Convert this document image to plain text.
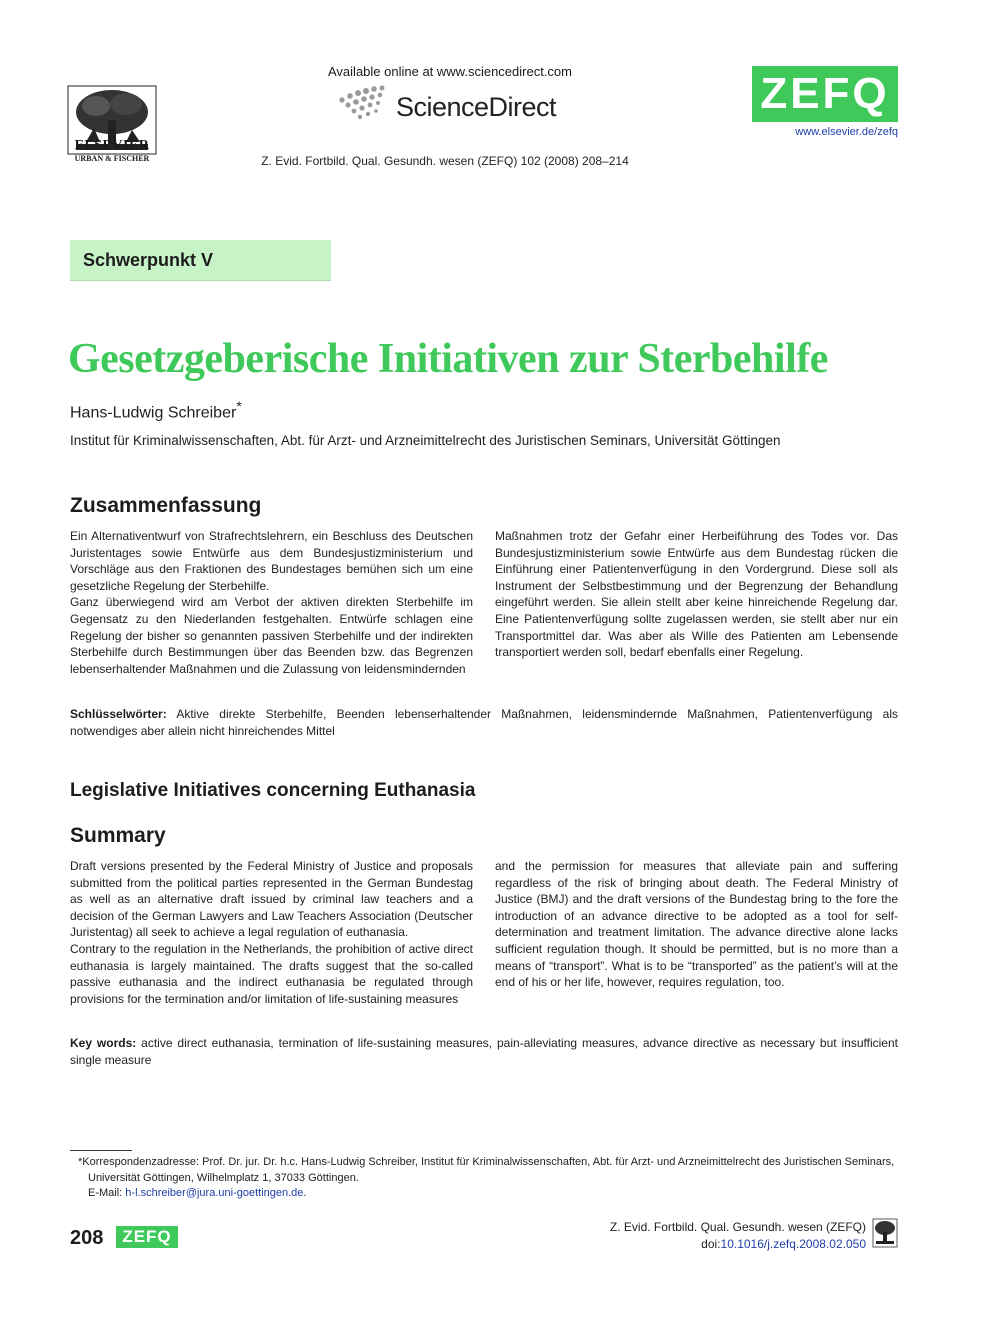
ELSEVIER
URBAN & FISCHER
Available online at www.sciencedirect.com
ScienceDirect
Z. Evid. Fortbild. Qual. Gesundh. wesen (ZEFQ) 102 (2008) 208–214
ZEFQ
www.elsevier.de/zefq
Schwerpunkt V
Gesetzgeberische Initiativen zur Sterbehilfe
Hans-Ludwig Schreiber*
Institut für Kriminalwissenschaften, Abt. für Arzt- und Arzneimittelrecht des Juristischen Seminars, Universität Göttingen
Zusammenfassung

Ein Alternativentwurf von Strafrechtslehrern, ein Beschluss des Deutschen Juristentages sowie Entwürfe aus dem Bundesjustizministerium und Vorschläge aus den Fraktionen des Bundestages bemühen sich um eine gesetzliche Regelung der Sterbehilfe.

Ganz überwiegend wird am Verbot der aktiven direkten Sterbehilfe im Gegensatz zu den Niederlanden festgehalten. Entwürfe schlagen eine Regelung der bisher so genannten passiven Sterbehilfe und der indirekten Sterbehilfe durch Bestimmungen über das Beenden bzw. das Begrenzen lebenserhaltender Maßnahmen und die Zulassung von leidensmindernden

Maßnahmen trotz der Gefahr einer Herbeiführung des Todes vor. Das Bundesjustizministerium sowie Entwürfe aus dem Bundestag rücken die Einführung einer Patientenverfügung in den Vordergrund. Diese soll als Instrument der Selbstbestimmung und der Begrenzung der Behandlung eingeführt werden. Sie allein stellt aber keine hinreichende Regelung dar. Eine Patientenverfügung sollte zugelassen werden, sie stellt aber nur ein Transportmittel dar. Was aber als Wille des Patienten am Lebensende transportiert werden soll, bedarf ebenfalls einer Regelung.

Schlüsselwörter: Aktive direkte Sterbehilfe, Beenden lebenserhaltender Maßnahmen, leidensmindernde Maßnahmen, Patientenverfügung als notwendiges aber allein nicht hinreichendes Mittel
Legislative Initiatives concerning Euthanasia
Summary

Draft versions presented by the Federal Ministry of Justice and proposals submitted from the political parties represented in the German Bundestag as well as an alternative draft issued by criminal law teachers and a decision of the German Lawyers and Law Teachers Association (Deutscher Juristentag) all seek to achieve a legal regulation of euthanasia.

Contrary to the regulation in the Netherlands, the prohibition of active direct euthanasia is largely maintained. The drafts suggest that the so-called passive euthanasia and the indirect euthanasia be regulated through provisions for the termination and/or limitation of life-sustaining measures

and the permission for measures that alleviate pain and suffering regardless of the risk of bringing about death. The Federal Ministry of Justice (BMJ) and the draft versions of the Bundestag bring to the fore the introduction of an advance directive to be adopted as a tool for self-determination and treatment limitation. The advance directive alone lacks sufficient regulation though. It should be permitted, but is no more than a means of “transport”. What is to be “transported” as the patient’s will at the end of his or her life, however, requires regulation, too.

Key words: active direct euthanasia, termination of life-sustaining measures, pain-alleviating measures, advance directive as necessary but insufficient single measure
*Korrespondenzadresse: Prof. Dr. jur. Dr. h.c. Hans-Ludwig Schreiber, Institut für Kriminalwissenschaften, Abt. für Arzt- und Arzneimittelrecht des Juristischen Seminars,
Universität Göttingen, Wilhelmplatz 1, 37033 Göttingen.
E-Mail: h-l.schreiber@jura.uni-goettingen.de.
208	ZEFQ	Z. Evid. Fortbild. Qual. Gesundh. wesen (ZEFQ)
doi:10.1016/j.zefq.2008.02.050
